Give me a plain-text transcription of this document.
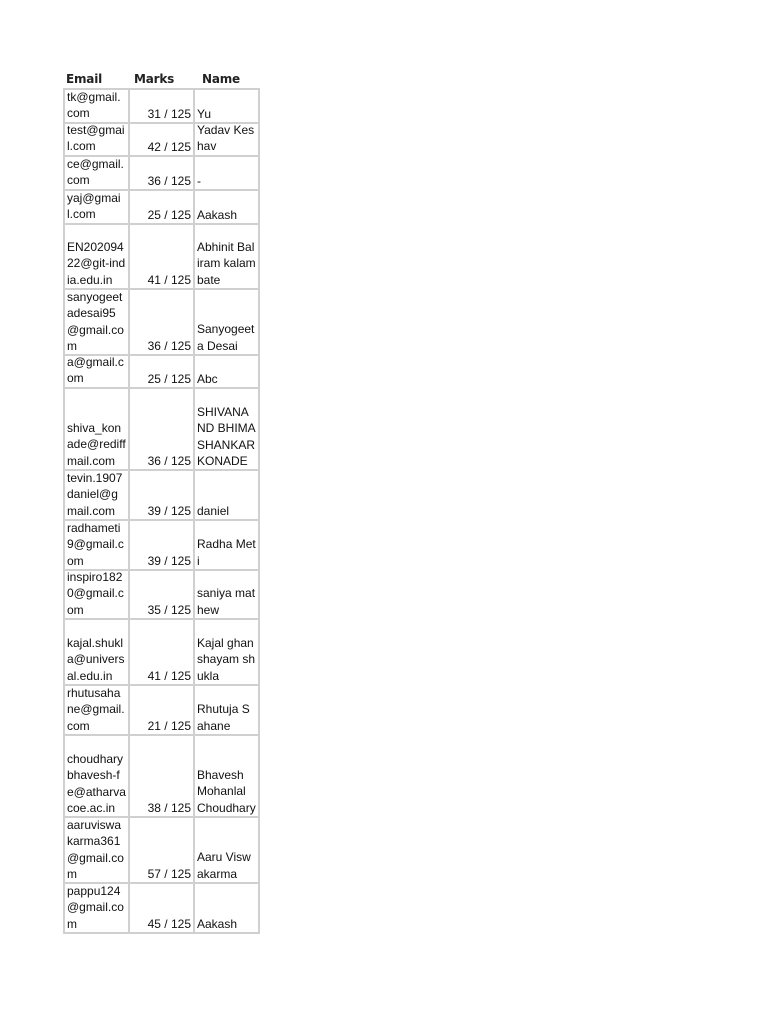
Email	Marks	Name
tk@gmail.com	31 / 125	Yu

test@gmail.com	42 / 125	Yadav Keshav

ce@gmail.com	36 / 125	-

yaj@gmail.com	25 / 125	Aakash

EN20209422@git-india.edu.in	41 / 125	Abhinit Baliram kalambate

sanyogeetadesai95@gmail.com	36 / 125	Sanyogeeta Desai

a@gmail.com	25 / 125	Abc

shiva_konade@rediffmail.com	36 / 125	SHIVANAND BHIMASHANKAR KONADE

tevin.1907daniel@gmail.com	39 / 125	daniel

radhameti9@gmail.com	39 / 125	Radha Meti

inspiro1820@gmail.com	35 / 125	saniya mathew

kajal.shukla@universal.edu.in	41 / 125	Kajal ghanshayam shukla

rhutusahane@gmail.com	21 / 125	Rhutuja Sahane

choudharybhavesh-fe@atharvacoe.ac.in	38 / 125	Bhavesh Mohanlal Choudhary

aaruviswakarma361@gmail.com	57 / 125	Aaru Viswakarma

pappu124@gmail.com	45 / 125	Aakash
